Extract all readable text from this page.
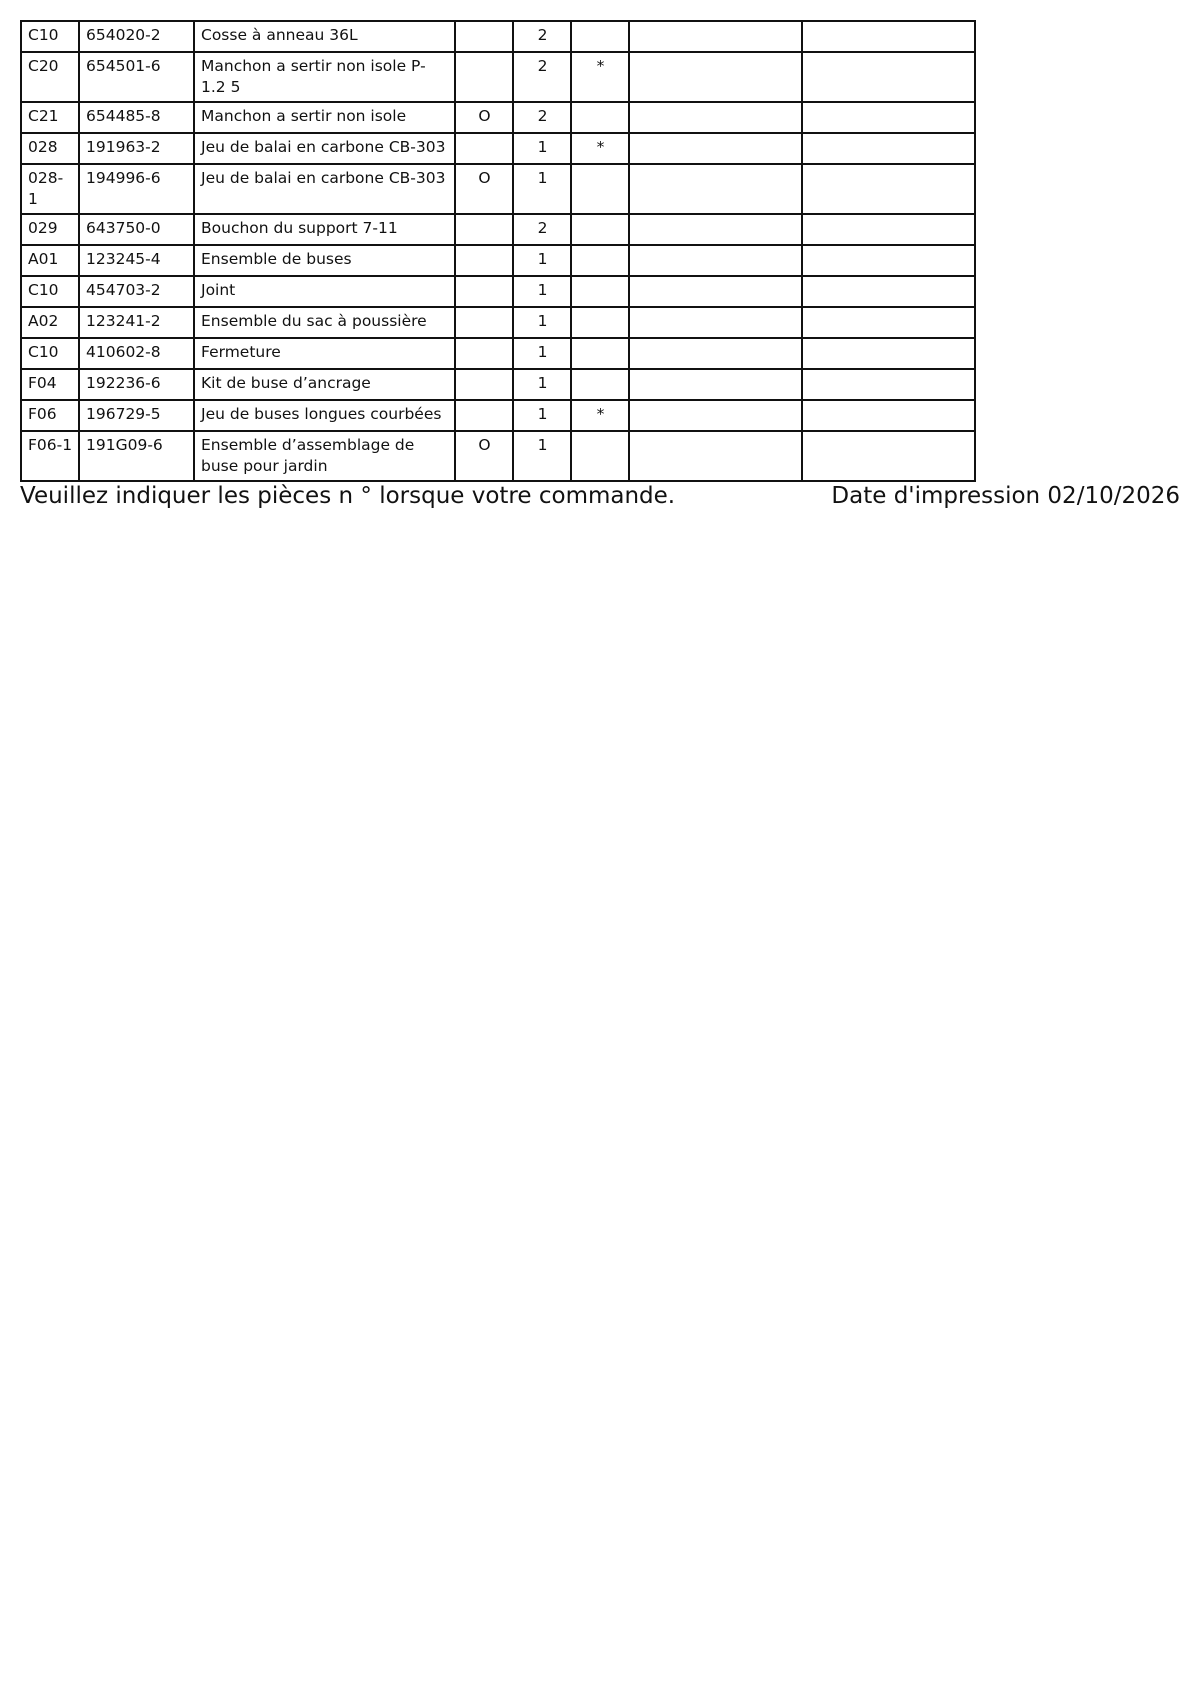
C10	654020-2	Cosse à anneau 36L		2			
C20	654501-6	Manchon a sertir non isole P-1.2 5		2	*		
C21	654485-8	Manchon a sertir non isole	O	2			
028	191963-2	Jeu de balai en carbone CB-303		1	*		
028-1	194996-6	Jeu de balai en carbone CB-303	O	1			
029	643750-0	Bouchon du support 7-11		2			
A01	123245-4	Ensemble de buses		1			
C10	454703-2	Joint		1			
A02	123241-2	Ensemble du sac à poussière		1			
C10	410602-8	Fermeture		1			
F04	192236-6	Kit de buse d’ancrage		1			
F06	196729-5	Jeu de buses longues courbées		1	*		
F06-1	191G09-6	Ensemble d’assemblage de buse pour jardin	O	1			
Veuillez indiquer les pièces n ° lorsque votre commande.	Date d'impression 02/10/2026
